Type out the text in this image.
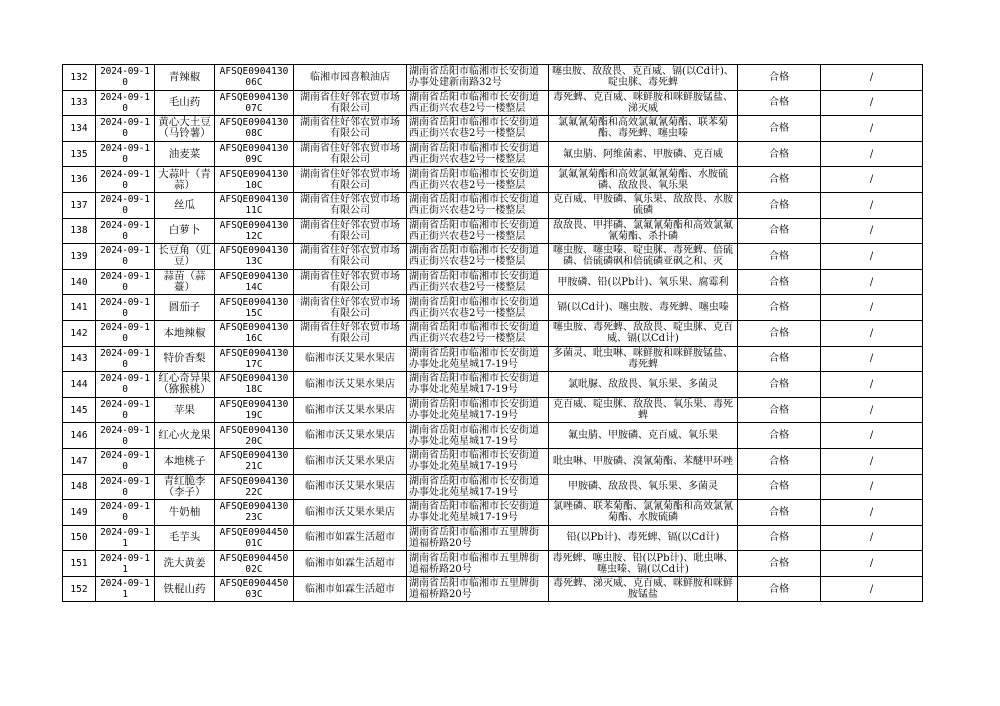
132	2024-09-10	青辣椒	AFSQE090413006C	临湘市园喜粮油店	湖南省岳阳市临湘市长安街道办事处建新南路32号	噻虫胺、敌敌畏、克百威、镉(以Cd计)、啶虫脒、毒死蜱	合格	/
133	2024-09-10	毛山药	AFSQE090413007C	湖南省住好邻农贸市场有限公司	湖南省岳阳市临湘市长安街道西正街兴农巷2号一楼整层	毒死蜱、克百威、咪鲜胺和咪鲜胺锰盐、涕灭威	合格	/
134	2024-09-10	黄心大土豆（马铃薯）	AFSQE090413008C	湖南省住好邻农贸市场有限公司	湖南省岳阳市临湘市长安街道西正街兴农巷2号一楼整层	氯氟氰菊酯和高效氯氟氰菊酯、联苯菊酯、毒死蜱、噻虫嗪	合格	/
135	2024-09-10	油麦菜	AFSQE090413009C	湖南省住好邻农贸市场有限公司	湖南省岳阳市临湘市长安街道西正街兴农巷2号一楼整层	氟虫腈、阿维菌素、甲胺磷、克百威	合格	/
136	2024-09-10	大蒜叶（青蒜）	AFSQE090413010C	湖南省住好邻农贸市场有限公司	湖南省岳阳市临湘市长安街道西正街兴农巷2号一楼整层	氯氟氰菊酯和高效氯氟氰菊酯、水胺硫磷、敌敌畏、氧乐果	合格	/
137	2024-09-10	丝瓜	AFSQE090413011C	湖南省住好邻农贸市场有限公司	湖南省岳阳市临湘市长安街道西正街兴农巷2号一楼整层	克百威、甲胺磷、氧乐果、敌敌畏、水胺硫磷	合格	/
138	2024-09-10	白萝卜	AFSQE090413012C	湖南省住好邻农贸市场有限公司	湖南省岳阳市临湘市长安街道西正街兴农巷2号一楼整层	敌敌畏、甲拌磷、氯氟氰菊酯和高效氯氟氰菊酯、杀扑磷	合格	/
139	2024-09-10	长豆角（豇豆）	AFSQE090413013C	湖南省住好邻农贸市场有限公司	湖南省岳阳市临湘市长安街道西正街兴农巷2号一楼整层	噻虫胺、噻虫嗪、啶虫脒、毒死蜱、倍硫磷、倍硫磷砜和倍硫磷亚砜之和、灭	合格	/
140	2024-09-10	蒜苗（蒜薹）	AFSQE090413014C	湖南省住好邻农贸市场有限公司	湖南省岳阳市临湘市长安街道西正街兴农巷2号一楼整层	甲胺磷、铅(以Pb计)、氧乐果、腐霉利	合格	/
141	2024-09-10	圆茄子	AFSQE090413015C	湖南省住好邻农贸市场有限公司	湖南省岳阳市临湘市长安街道西正街兴农巷2号一楼整层	镉(以Cd计)、噻虫胺、毒死蜱、噻虫嗪	合格	/
142	2024-09-10	本地辣椒	AFSQE090413016C	湖南省住好邻农贸市场有限公司	湖南省岳阳市临湘市长安街道西正街兴农巷2号一楼整层	噻虫胺、毒死蜱、敌敌畏、啶虫脒、克百威、镉(以Cd计)	合格	/
143	2024-09-10	特价香梨	AFSQE090413017C	临湘市沃艾果水果店	湖南省岳阳市临湘市长安街道办事处北苑星城17-19号	多菌灵、吡虫啉、咪鲜胺和咪鲜胺锰盐、毒死蜱	合格	/
144	2024-09-10	红心奇异果（猕猴桃）	AFSQE090413018C	临湘市沃艾果水果店	湖南省岳阳市临湘市长安街道办事处北苑星城17-19号	氯吡脲、敌敌畏、氧乐果、多菌灵	合格	/
145	2024-09-10	苹果	AFSQE090413019C	临湘市沃艾果水果店	湖南省岳阳市临湘市长安街道办事处北苑星城17-19号	克百威、啶虫脒、敌敌畏、氧乐果、毒死蜱	合格	/
146	2024-09-10	红心火龙果	AFSQE090413020C	临湘市沃艾果水果店	湖南省岳阳市临湘市长安街道办事处北苑星城17-19号	氟虫腈、甲胺磷、克百威、氧乐果	合格	/
147	2024-09-10	本地桃子	AFSQE090413021C	临湘市沃艾果水果店	湖南省岳阳市临湘市长安街道办事处北苑星城17-19号	吡虫啉、甲胺磷、溴氰菊酯、苯醚甲环唑	合格	/
148	2024-09-10	青红脆李（李子）	AFSQE090413022C	临湘市沃艾果水果店	湖南省岳阳市临湘市长安街道办事处北苑星城17-19号	甲胺磷、敌敌畏、氧乐果、多菌灵	合格	/
149	2024-09-10	牛奶柚	AFSQE090413023C	临湘市沃艾果水果店	湖南省岳阳市临湘市长安街道办事处北苑星城17-19号	氯唑磷、联苯菊酯、氯氰菊酯和高效氯氰菊酯、水胺硫磷	合格	/
150	2024-09-11	毛芋头	AFSQE090445001C	临湘市如霖生活超市	湖南省岳阳市临湘市五里牌街道福桥路20号	铅(以Pb计)、毒死蜱、镉(以Cd计)	合格	/
151	2024-09-11	洗大黄姜	AFSQE090445002C	临湘市如霖生活超市	湖南省岳阳市临湘市五里牌街道福桥路20号	毒死蜱、噻虫胺、铅(以Pb计)、吡虫啉、噻虫嗪、镉(以Cd计)	合格	/
152	2024-09-11	铁棍山药	AFSQE090445003C	临湘市如霖生活超市	湖南省岳阳市临湘市五里牌街道福桥路20号	毒死蜱、涕灭威、克百威、咪鲜胺和咪鲜胺锰盐	合格	/
